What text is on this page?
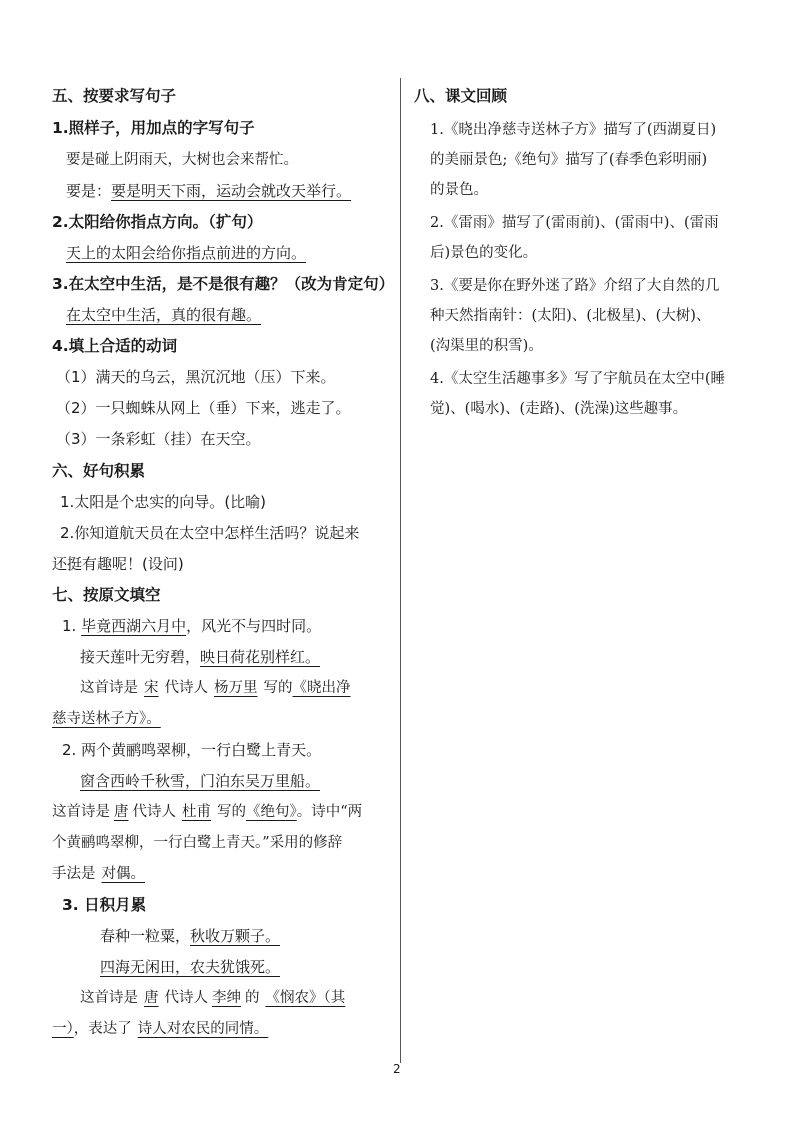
五、按要求写句子
1.照样子，用加点的字写句子
要是碰上阴雨天，大树也会来帮忙。
要是：要是明天下雨，运动会就改天举行。
2.太阳给你指点方向。（扩句）
天上的太阳会给你指点前进的方向。
3.在太空中生活，是不是很有趣？（改为肯定句）
在太空中生活，真的很有趣。
4.填上合适的动词
（1）满天的乌云，黑沉沉地（压）下来。
（2）一只蜘蛛从网上（垂）下来，逃走了。
（3）一条彩虹（挂）在天空。
六、好句积累
1.太阳是个忠实的向导。(比喻)
2.你知道航天员在太空中怎样生活吗？说起来
还挺有趣呢！(设问)
七、按原文填空
1. 毕竟西湖六月中，风光不与四时同。
接天莲叶无穷碧，映日荷花别样红。
这首诗是 宋 代诗人 杨万里 写的《晓出净
慈寺送林子方》。
2. 两个黄鹂鸣翠柳，一行白鹭上青天。
窗含西岭千秋雪，门泊东吴万里船。
这首诗是 唐 代诗人 杜甫 写的《绝句》。诗中“两
个黄鹂鸣翠柳，一行白鹭上青天。”采用的修辞
手法是 对偶。
3. 日积月累
春种一粒粟，秋收万颗子。
四海无闲田，农夫犹饿死。
这首诗是 唐 代诗人 李绅 的 《悯农》（其
一），表达了 诗人对农民的同情。
八、课文回顾
1.《晓出净慈寺送林子方》描写了(西湖夏日)
的美丽景色;《绝句》描写了(春季色彩明丽)
的景色。
2.《雷雨》描写了(雷雨前)、(雷雨中)、(雷雨
后)景色的变化。
3.《要是你在野外迷了路》介绍了大自然的几
种天然指南针：(太阳)、(北极星)、(大树)、
(沟渠里的积雪)。
4.《太空生活趣事多》写了宇航员在太空中(睡
觉)、(喝水)、(走路)、(洗澡)这些趣事。
2
